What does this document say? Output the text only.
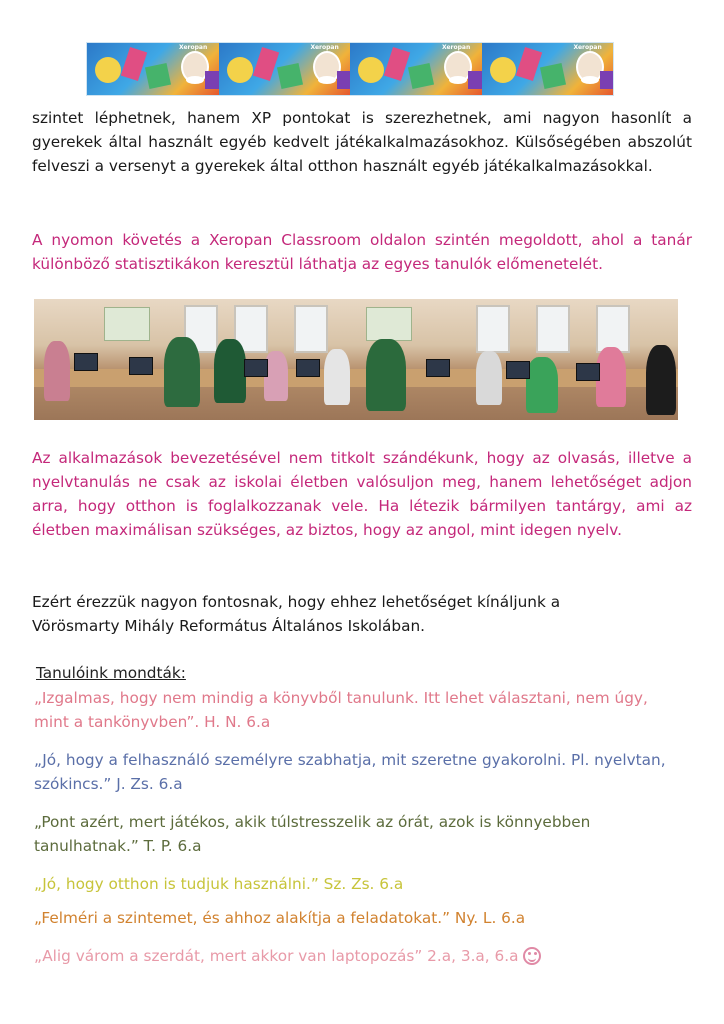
Xeropan	Xeropan	Xeropan	Xeropan
szintet léphetnek, hanem XP pontokat is szerezhetnek, ami nagyon hasonlít a gyerekek által használt egyéb kedvelt játékalkalmazásokhoz. Külsőségében abszolút felveszi a versenyt a gyerekek által otthon használt egyéb játékalkalmazásokkal.
A nyomon követés a Xeropan Classroom oldalon szintén megoldott, ahol a tanár különböző statisztikákon keresztül láthatja az egyes tanulók előmenetelét.
Az alkalmazások bevezetésével nem titkolt szándékunk, hogy az olvasás, illetve a nyelvtanulás ne csak az iskolai életben valósuljon meg, hanem lehetőséget adjon arra, hogy otthon is foglalkozzanak vele. Ha létezik bármilyen tantárgy, ami az életben maximálisan szükséges, az biztos, hogy az angol, mint idegen nyelv.
Ezért érezzük nagyon fontosnak, hogy ehhez lehetőséget kínáljunk a Vörösmarty Mihály Református Általános Iskolában.
Tanulóink mondták:
„Izgalmas, hogy nem mindig a könyvből tanulunk. Itt lehet választani, nem úgy, mint a tankönyvben”. H. N. 6.a
„Jó, hogy a felhasználó személyre szabhatja, mit szeretne gyakorolni. Pl. nyelvtan, szókincs.” J. Zs. 6.a
„Pont azért, mert játékos, akik túlstresszelik az órát, azok is könnyebben tanulhatnak.” T. P. 6.a
„Jó, hogy otthon is tudjuk használni.” Sz. Zs. 6.a
„Felméri a szintemet, és ahhoz alakítja a feladatokat.” Ny. L. 6.a
„Alig várom a szerdát, mert akkor van laptopozás” 2.a, 3.a, 6.a
